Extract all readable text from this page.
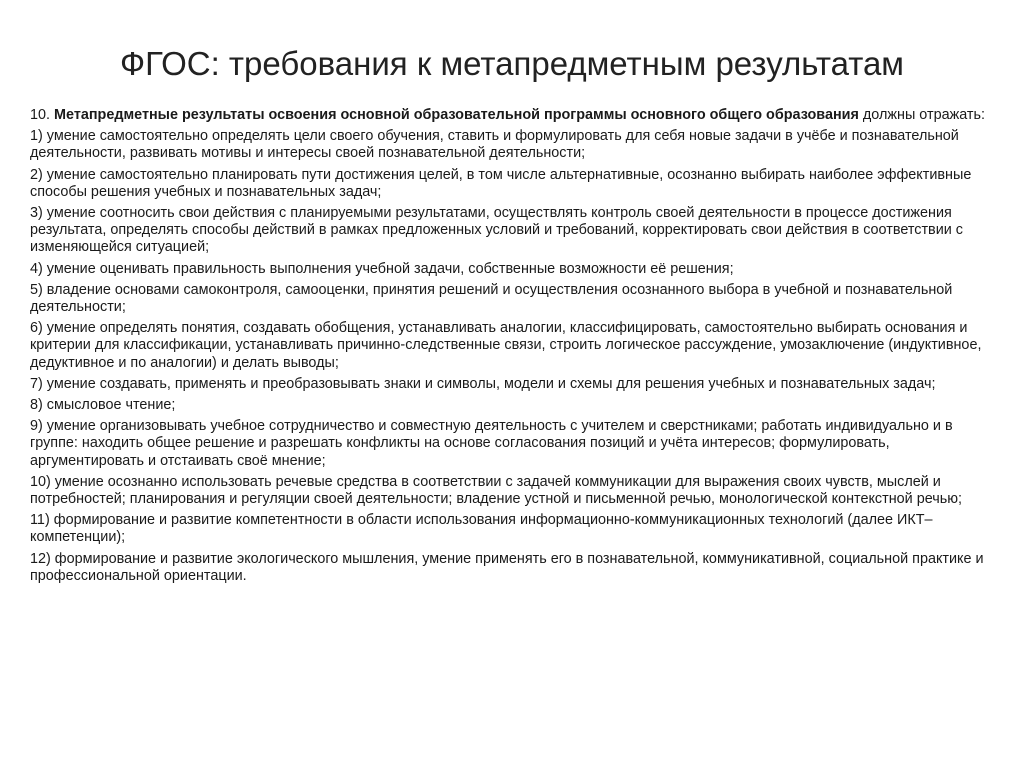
ФГОС: требования к метапредметным результатам

10. Метапредметные результаты освоения основной образовательной программы основного общего образования должны отражать:

1) умение самостоятельно определять цели своего обучения, ставить и формулировать для себя новые задачи в учёбе и познавательной деятельности, развивать мотивы и интересы своей познавательной деятельности;

2) умение самостоятельно планировать пути достижения целей, в том числе альтернативные, осознанно выбирать наиболее эффективные способы решения учебных и познавательных задач;

3) умение соотносить свои действия с планируемыми результатами, осуществлять контроль своей деятельности в процессе достижения результата, определять способы действий в рамках предложенных условий и требований, корректировать свои действия в соответствии с изменяющейся ситуацией;

4) умение оценивать правильность выполнения учебной задачи, собственные возможности её решения;

5) владение основами самоконтроля, самооценки, принятия решений и осуществления осознанного выбора в учебной и познавательной деятельности;

6) умение определять понятия, создавать обобщения, устанавливать аналогии, классифицировать, самостоятельно выбирать основания и критерии для классификации, устанавливать причинно-следственные связи, строить логическое рассуждение, умозаключение (индуктивное, дедуктивное и по аналогии) и делать выводы;

7) умение создавать, применять и преобразовывать знаки и символы, модели и схемы для решения учебных и познавательных задач;

8) смысловое чтение;

9) умение организовывать учебное сотрудничество и совместную деятельность с учителем и сверстниками; работать индивидуально и в группе: находить общее решение и разрешать конфликты на основе согласования позиций и учёта интересов; формулировать, аргументировать и отстаивать своё мнение;

10) умение осознанно использовать речевые средства в соответствии с задачей коммуникации для выражения своих чувств, мыслей и потребностей; планирования и регуляции своей деятельности; владение устной и письменной речью, монологической контекстной речью;

11) формирование и развитие компетентности в области использования информационно-коммуникационных технологий (далее ИКТ– компетенции);

12) формирование и развитие экологического мышления, умение применять его в познавательной, коммуникативной, социальной практике и профессиональной ориентации.
